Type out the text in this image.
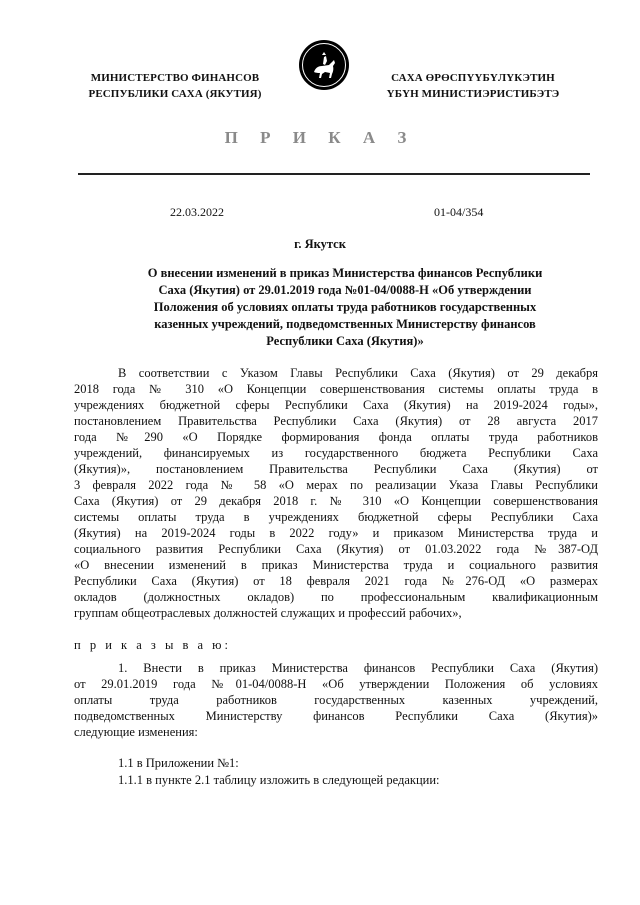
МИНИСТЕРСТВО ФИНАНСОВ
РЕСПУБЛИКИ САХА (ЯКУТИЯ)
САХА ӨРӨСПҮҮБҮЛҮКЭТИН
ҮБҮН МИНИСТИЭРИСТИБЭТЭ
П Р И К А З
22.03.2022	01-04/354
г. Якутск
О внесении изменений в приказ Министерства финансов Республики
Саха (Якутия) от 29.01.2019 года №01-04/0088-Н «Об утверждении
Положения об условиях оплаты труда работников государственных
казенных учреждений, подведомственных Министерству финансов
Республики Саха (Якутия)»
В соответствии с Указом Главы Республики Саха (Якутия) от 29 декабря
2018 года № 310 «О Концепции совершенствования системы оплаты труда в
учреждениях бюджетной сферы Республики Саха (Якутия) на 2019-2024 годы»,
постановлением Правительства Республики Саха (Якутия) от 28 августа 2017
года №290 «О Порядке формирования фонда оплаты труда работников
учреждений, финансируемых из государственного бюджета Республики Саха
(Якутия)», постановлением Правительства Республики Саха (Якутия) от
3 февраля 2022 года № 58 «О мерах по реализации Указа Главы Республики
Саха (Якутия) от 29 декабря 2018 г. № 310 «О Концепции совершенствования
системы оплаты труда в учреждениях бюджетной сферы Республики Саха
(Якутия) на 2019-2024 годы в 2022 году» и приказом Министерства труда и
социального развития Республики Саха (Якутия) от 01.03.2022 года №387-ОД
«О внесении изменений в приказ Министерства труда и социального развития
Республики Саха (Якутия) от 18 февраля 2021 года №276-ОД «О размерах
окладов (должностных окладов) по профессиональным квалификационным
группам общеотраслевых должностей служащих и профессий рабочих»,
п р и к а з ы в а ю:
1. Внести в приказ Министерства финансов Республики Саха (Якутия)
от 29.01.2019 года №01-04/0088-Н «Об утверждении Положения об условиях
оплаты труда работников государственных казенных учреждений,
подведомственных Министерству финансов Республики Саха (Якутия)»
следующие изменения:
1.1 в Приложении №1:
1.1.1 в пункте 2.1 таблицу изложить в следующей редакции:
